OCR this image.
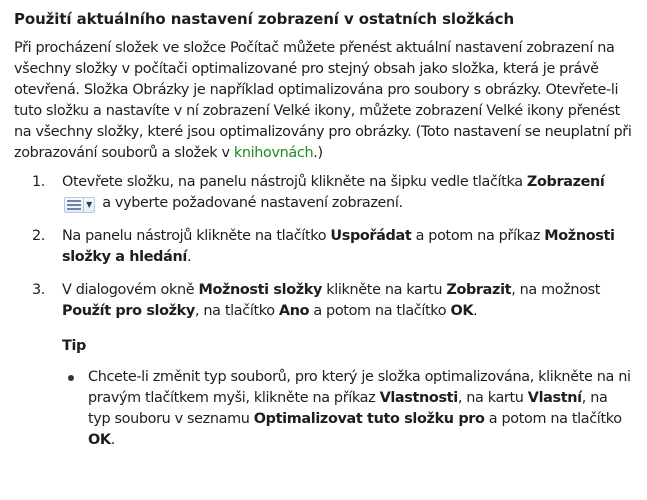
Použití aktuálního nastavení zobrazení v ostatních složkách

Při procházení složek ve složce Počítač můžete přenést aktuální nastavení zobrazení na všechny složky v počítači optimalizované pro stejný obsah jako složka, která je právě otevřená. Složka Obrázky je například optimalizována pro soubory s obrázky. Otevřete-li tuto složku a nastavíte v ní zobrazení Velké ikony, můžete zobrazení Velké ikony přenést na všechny složky, které jsou optimalizovány pro obrázky. (Toto nastavení se neuplatní při zobrazování souborů a složek v knihovnách.)

1. Otevřete složku, na panelu nástrojů klikněte na šipku vedle tlačítka Zobrazení
▼ a vyberte požadované nastavení zobrazení.
2. Na panelu nástrojů klikněte na tlačítko Uspořádat a potom na příkaz Možnosti složky a hledání.
3. V dialogovém okně Možnosti složky klikněte na kartu Zobrazit, na možnost Použít pro složky, na tlačítko Ano a potom na tlačítko OK.
Tip
Chcete-li změnit typ souborů, pro který je složka optimalizována, klikněte na ni pravým tlačítkem myši, klikněte na příkaz Vlastnosti, na kartu Vlastní, na typ souboru v seznamu Optimalizovat tuto složku pro a potom na tlačítko OK.
